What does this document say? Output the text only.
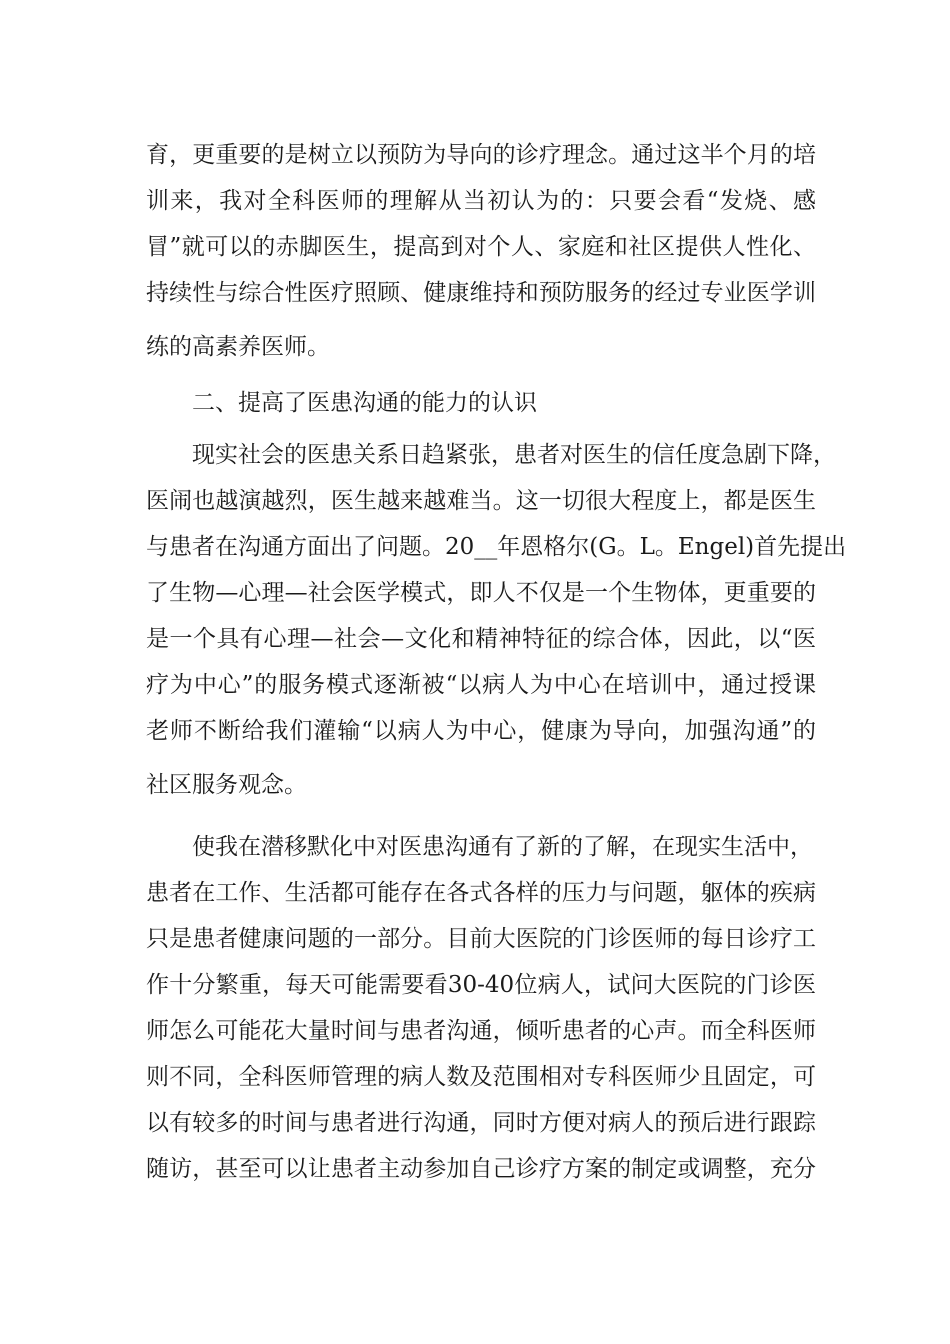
育，更重要的是树立以预防为导向的诊疗理念。通过这半个月的培
训来，我对全科医师的理解从当初认为的：只要会看“发烧、感
冒”就可以的赤脚医生，提高到对个人、家庭和社区提供人性化、
持续性与综合性医疗照顾、健康维持和预防服务的经过专业医学训
练的高素养医师。
二、提高了医患沟通的能力的认识
现实社会的医患关系日趋紧张，患者对医生的信任度急剧下降，
医闹也越演越烈，医生越来越难当。这一切很大程度上，都是医生
与患者在沟通方面出了问题。20__年恩格尔(G。L。Engel)首先提出
了生物—心理—社会医学模式，即人不仅是一个生物体，更重要的
是一个具有心理—社会—文化和精神特征的综合体，因此，以“医
疗为中心”的服务模式逐渐被“以病人为中心在培训中，通过授课
老师不断给我们灌输“以病人为中心，健康为导向，加强沟通”的
社区服务观念。
使我在潜移默化中对医患沟通有了新的了解，在现实生活中，
患者在工作、生活都可能存在各式各样的压力与问题，躯体的疾病
只是患者健康问题的一部分。目前大医院的门诊医师的每日诊疗工
作十分繁重，每天可能需要看30-40位病人，试问大医院的门诊医
师怎么可能花大量时间与患者沟通，倾听患者的心声。而全科医师
则不同，全科医师管理的病人数及范围相对专科医师少且固定，可
以有较多的时间与患者进行沟通，同时方便对病人的预后进行跟踪
随访，甚至可以让患者主动参加自己诊疗方案的制定或调整，充分
